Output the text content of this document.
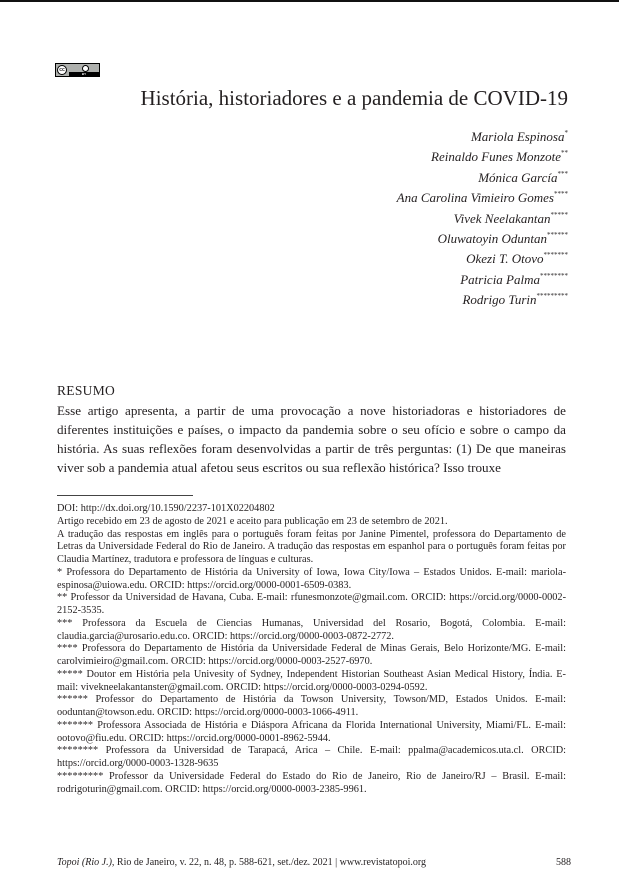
cc
BY
História, historiadores e a pandemia de COVID-19
Mariola Espinosa*
Reinaldo Funes Monzote**
Mónica García***
Ana Carolina Vimieiro Gomes****
Vivek Neelakantan*****
Oluwatoyin Oduntan******
Okezi T. Otovo*******
Patricia Palma********
Rodrigo Turin*********
RESUMO

Esse artigo apresenta, a partir de uma provocação a nove historiadoras e historiadores de diferentes instituições e países, o impacto da pandemia sobre o seu ofício e sobre o campo da história. As suas reflexões foram desenvolvidas a partir de três perguntas: (1) De que maneiras viver sob a pandemia atual afetou seus escritos ou sua reflexão histórica? Isso trouxe

DOI: http://dx.doi.org/10.1590/2237-101X02204802

Artigo recebido em 23 de agosto de 2021 e aceito para publicação em 23 de setembro de 2021.

A tradução das respostas em inglês para o português foram feitas por Janine Pimentel, professora do Departamento de Letras da Universidade Federal do Rio de Janeiro. A tradução das respostas em espanhol para o português foram feitas por Claudia Martínez, tradutora e professora de línguas e culturas.

* Professora do Departamento de História da University of Iowa, Iowa City/Iowa – Estados Unidos. E-mail: mariola-espinosa@uiowa.edu. ORCID: https://orcid.org/0000-0001-6509-0383.

** Professor da Universidad de Havana, Cuba. E-mail: rfunesmonzote@gmail.com. ORCID: https://orcid.org/0000-0002-2152-3535.

*** Professora da Escuela de Ciencias Humanas, Universidad del Rosario, Bogotá, Colombia. E-mail: claudia.garcia@urosario.edu.co. ORCID: https://orcid.org/0000-0003-0872-2772.

**** Professora do Departamento de História da Universidade Federal de Minas Gerais, Belo Horizonte/MG. E-mail: carolvimieiro@gmail.com. ORCID: https://orcid.org/0000-0003-2527-6970.

***** Doutor em História pela Univesity of Sydney, Independent Historian Southeast Asian Medical History, Índia. E-mail: vivekneelakantanster@gmail.com. ORCID: https://orcid.org/0000-0003-0294-0592.

****** Professor do Departamento de História da Towson University, Towson/MD, Estados Unidos. E-mail: ooduntan@towson.edu. ORCID: https://orcid.org/0000-0003-1066-4911.

******* Professora Associada de História e Diáspora Africana da Florida International University, Miami/FL. E-mail: ootovo@fiu.edu. ORCID: https://orcid.org/0000-0001-8962-5944.

******** Professora da Universidad de Tarapacá, Arica – Chile. E-mail: ppalma@academicos.uta.cl. ORCID: https://orcid.org/0000-0003-1328-9635

********* Professor da Universidade Federal do Estado do Rio de Janeiro, Rio de Janeiro/RJ – Brasil. E-mail: rodrigoturin@gmail.com. ORCID: https://orcid.org/0000-0003-2385-9961.

Topoi (Rio J.), Rio de Janeiro, v. 22, n. 48, p. 588-621, set./dez. 2021 | www.revistatopoi.org	588
